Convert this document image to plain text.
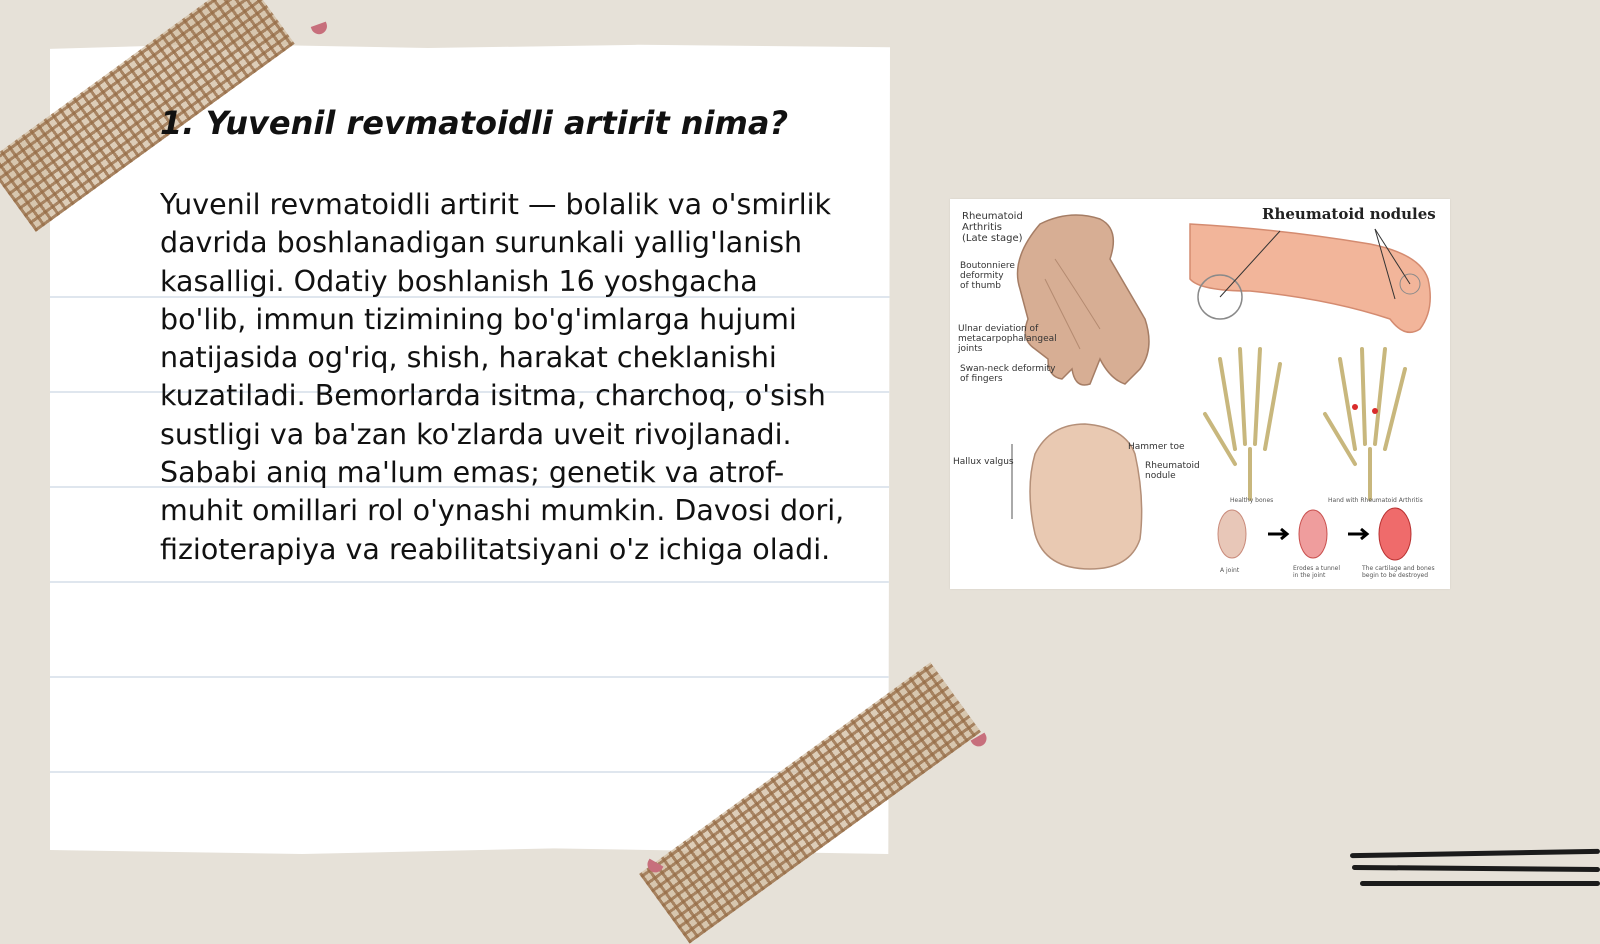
1. Yuvenil revmatoidli artirit nima?

Yuvenil revmatoidli artirit — bolalik va o'smirlik davrida boshlanadigan surunkali yallig'lanish kasalligi. Odatiy boshlanish 16 yoshgacha bo'lib, immun tizimining bo'g'imlarga hujumi natijasida og'riq, shish, harakat cheklanishi kuzatiladi. Bemorlarda isitma, charchoq, o'sish sustligi va ba'zan ko'zlarda uveit rivojlanadi. Sababi aniq ma'lum emas; genetik va atrof-muhit omillari rol o'ynashi mumkin. Davosi dori, fizioterapiya va reabilitatsiyani o'z ichiga oladi.

Rheumatoid nodules
Rheumatoid
Arthritis
(Late stage)
Boutonniere
deformity
of thumb
Ulnar deviation of
metacarpophalangeal
joints
Swan-neck deformity
of fingers
Hallux valgus
Hammer toe
Rheumatoid
nodule
Healthy bones	Hand with Rheumatoid Arthritis
A joint	Erodes a tunnel
in the joint
The cartilage and bones
begin to be destroyed
